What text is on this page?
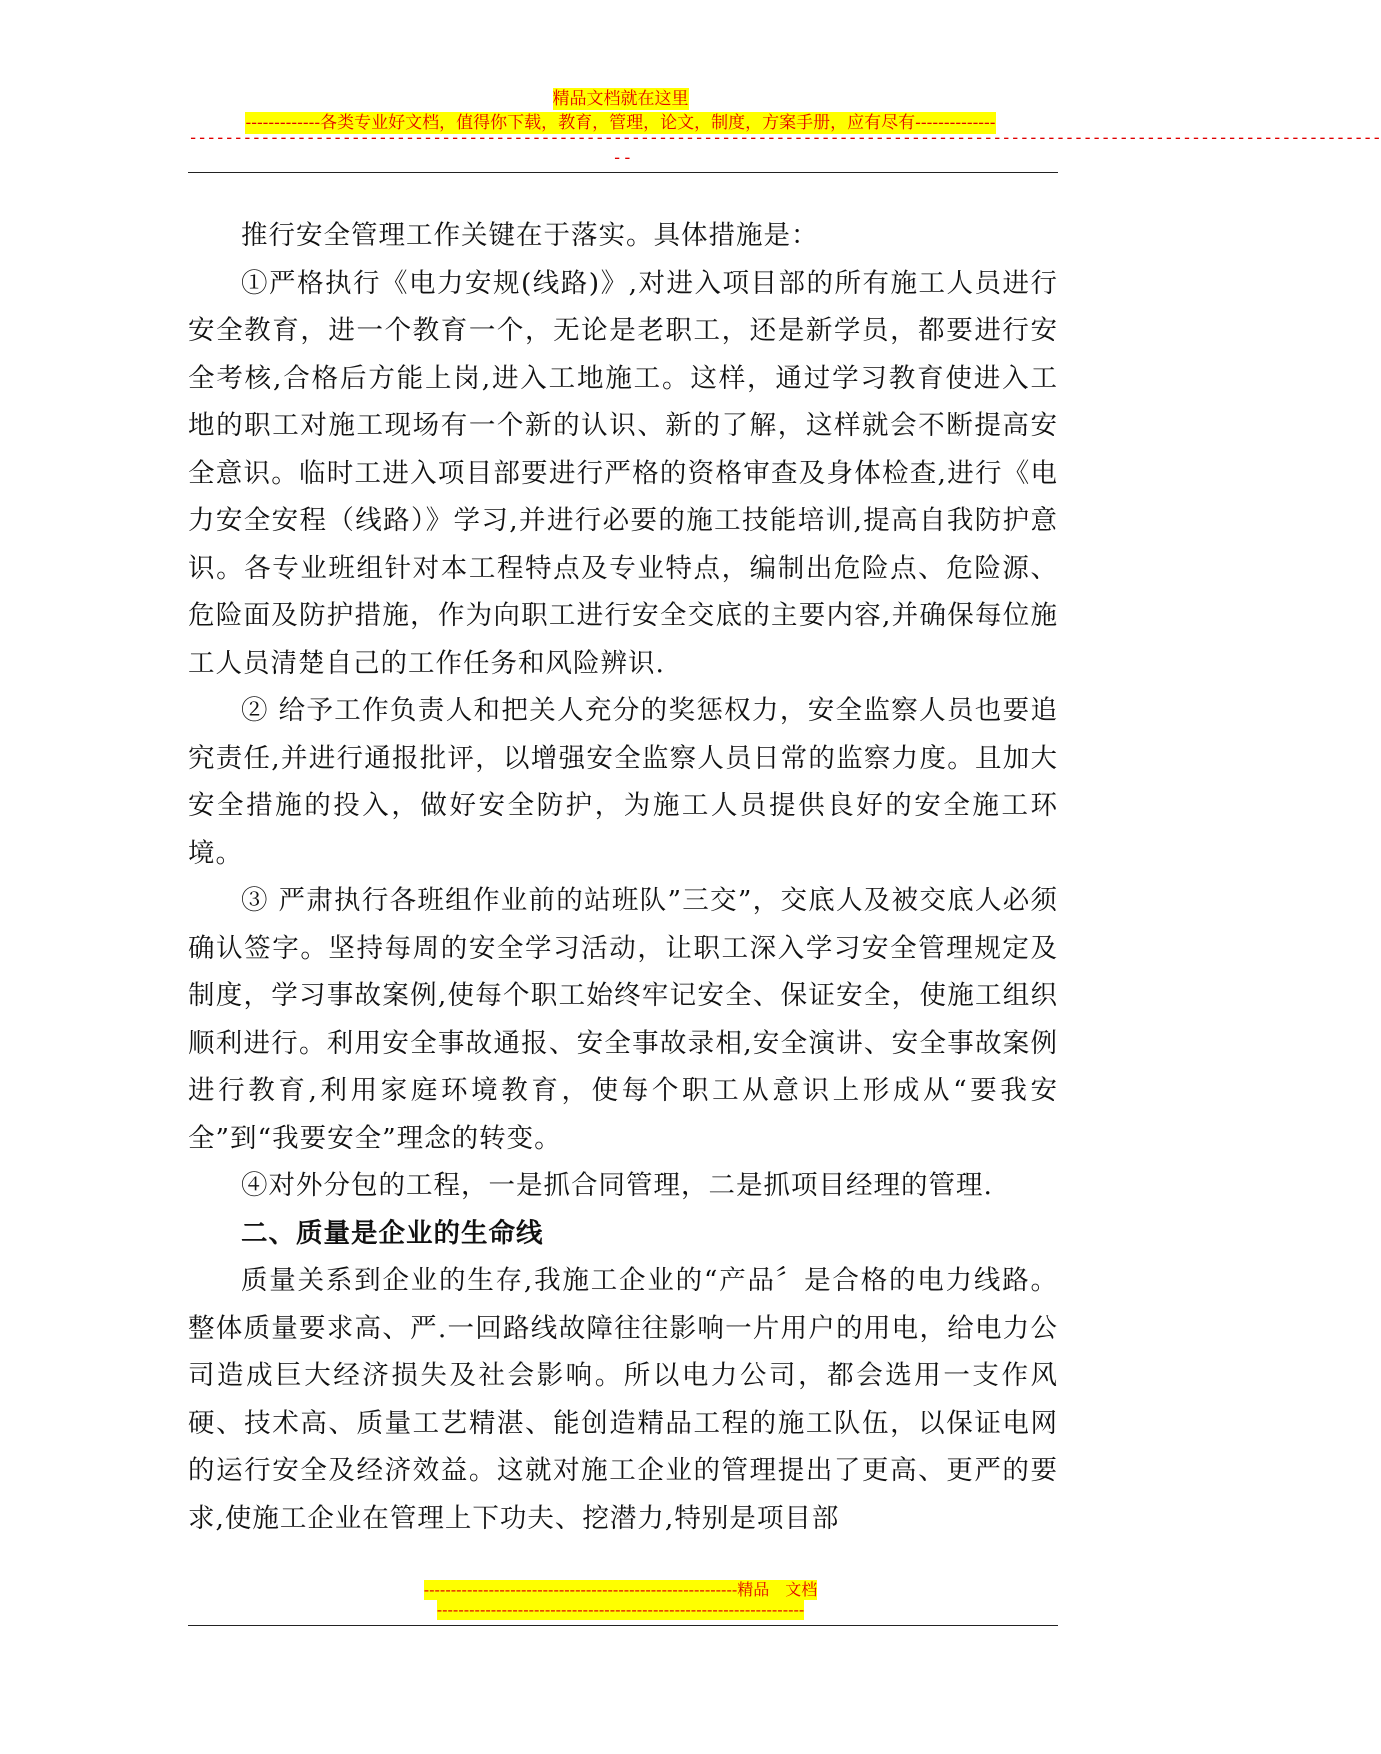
精品文档就在这里
-------------各类专业好文档，值得你下载，教育，管理，论文，制度，方案手册，应有尽有--------------
------------------------------------------------------------------------------------------------------------------------------------
--

推行安全管理工作关键在于落实。具体措施是：

①严格执行《电力安规(线路)》,对进入项目部的所有施工人员进行安全教育，进一个教育一个，无论是老职工，还是新学员，都要进行安全考核,合格后方能上岗,进入工地施工。这样，通过学习教育使进入工地的职工对施工现场有一个新的认识、新的了解，这样就会不断提高安全意识。临时工进入项目部要进行严格的资格审查及身体检查,进行《电力安全安程（线路）》学习,并进行必要的施工技能培训,提高自我防护意识。各专业班组针对本工程特点及专业特点，编制出危险点、危险源、危险面及防护措施，作为向职工进行安全交底的主要内容,并确保每位施工人员清楚自己的工作任务和风险辨识.

② 给予工作负责人和把关人充分的奖惩权力，安全监察人员也要追究责任,并进行通报批评，以增强安全监察人员日常的监察力度。且加大安全措施的投入，做好安全防护，为施工人员提供良好的安全施工环境。

③ 严肃执行各班组作业前的站班队”三交”，交底人及被交底人必须确认签字。坚持每周的安全学习活动，让职工深入学习安全管理规定及制度，学习事故案例,使每个职工始终牢记安全、保证安全，使施工组织顺利进行。利用安全事故通报、安全事故录相,安全演讲、安全事故案例进行教育,利用家庭环境教育，使每个职工从意识上形成从“要我安全”到“我要安全”理念的转变。

④对外分包的工程，一是抓合同管理，二是抓项目经理的管理.

二、质量是企业的生命线

质量关系到企业的生存,我施工企业的“产品〞是合格的电力线路。整体质量要求高、严.一回路线故障往往影响一片用户的用电，给电力公司造成巨大经济损失及社会影响。所以电力公司，都会选用一支作风硬、技术高、质量工艺精湛、能创造精品工程的施工队伍，以保证电网的运行安全及经济效益。这就对施工企业的管理提出了更高、更严的要求,使施工企业在管理上下功夫、挖潜力,特别是项目部

----------------------------------------------------------精品　文档
--------------------------------------------------------------------
